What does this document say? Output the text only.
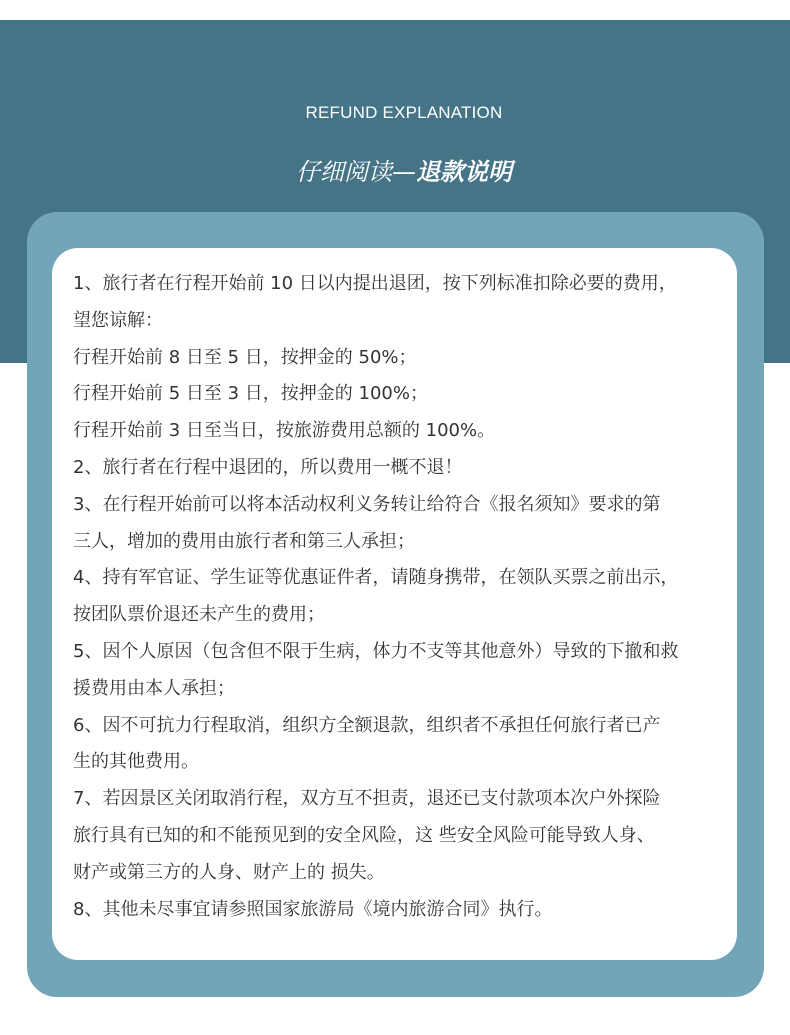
REFUND EXPLANATION
仔细阅读—退款说明
1、旅行者在行程开始前 10 日以内提出退团，按下列标准扣除必要的费用，
望您谅解：
行程开始前 8 日至 5 日，按押金的 50%；
行程开始前 5 日至 3 日，按押金的 100%；
行程开始前 3 日至当日，按旅游费用总额的 100%。
2、旅行者在行程中退团的，所以费用一概不退！
3、在行程开始前可以将本活动权利义务转让给符合《报名须知》要求的第
三人，增加的费用由旅行者和第三人承担；
4、持有军官证、学生证等优惠证件者，请随身携带，在领队买票之前出示，
按团队票价退还未产生的费用；
5、因个人原因（包含但不限于生病，体力不支等其他意外）导致的下撤和救
援费用由本人承担；
6、因不可抗力行程取消，组织方全额退款，组织者不承担任何旅行者已产
生的其他费用。
7、若因景区关闭取消行程，双方互不担责，退还已支付款项本次户外探险
旅行具有已知的和不能预见到的安全风险，这 些安全风险可能导致人身、
财产或第三方的人身、财产上的 损失。
8、其他未尽事宜请参照国家旅游局《境内旅游合同》执行。
